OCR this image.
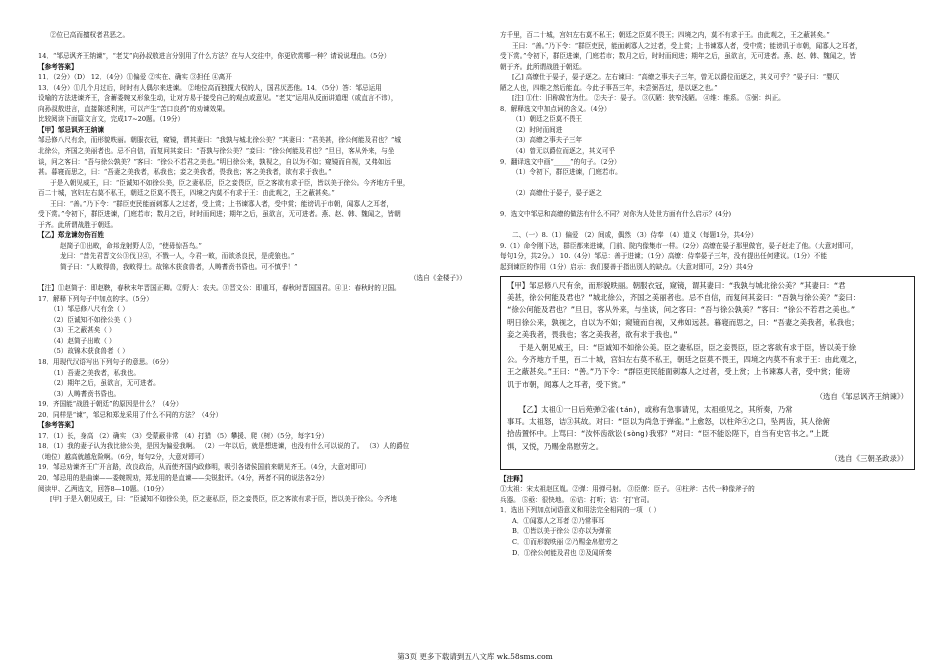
②位已高而擅权者君恶之。

14．“邹忌讽齐王纳谏”，“老艾”向孙叔敖进言分别用了什么方法？在与人交往中，你更欣赏哪一种？请说说理由。（5分）
【参考答案】
11．（2分）（D） 12．（4分）①偏爱 ②实在、确实 ③担任 ④离开
13．（4分）①几个月过后，时时有人偶尔来进谏。 ②地位高而独揽大权的人，国君厌恶他。14．（5分）答：邹忌运用
设喻的方法进谏齐王，含蓄委婉又形象生动，让对方易于接受自己的观点或意见。“老艾”运用从反面讲道理（或直言不讳），
向孙叔敖进言，直接陈述利害，可以产生“苦口良药”的劝谏效果。
比较阅读下面篇文言文，完成17~20题。（19分）
【甲】邹忌讽齐王纳谏
邹忌修八尺有余，而形貌昳丽。朝服衣冠，窥镜，谓其妻曰：“我孰与城北徐公美？”其妻曰：“君美甚，徐公何能及君也？”城
北徐公，齐国之美丽者也。忌不自信，而复问其妾曰：“吾孰与徐公美？”妾曰：“徐公何能及君也？”旦日，客从外来，与坐
谈，问之客曰：“吾与徐公孰美？”客曰：“徐公不若君之美也。”明日徐公来，孰视之，自以为不如；窥镜而自视，又弗如远
甚。暮寝而思之，曰：“吾妻之美我者，私我也；妾之美我者，畏我也；客之美我者，欲有求于我也。”
于是入朝见威王，曰：“臣诚知不如徐公美，臣之妻私臣，臣之妾畏臣，臣之客欲有求于臣，皆以美于徐公。今齐地方千里，
百二十城，宫妇左右莫不私王，朝廷之臣莫不畏王，四境之内莫不有求于王：由此观之，王之蔽甚矣。”
王曰：“善。”乃下令：“群臣吏民能面刺寡人之过者，受上赏；上书谏寡人者，受中赏；能谤讥于市朝，闻寡人之耳者，
受下赏。”令初下，群臣进谏，门庭若市；数月之后，时时而间进；期年之后，虽欲言，无可进者。燕、赵、韩、魏闻之，皆朝
于齐。此所谓战胜于朝廷。
【乙】郑龙谏勿伤百姓
赵简子①出畋，命邦龙射野人②，“使毋惊吾鸟。”
龙曰：“昔先君晋文公③伐卫④，不戮一人，今君一畋，而欲杀良民，是虎狼也。”
简子曰：“人畋得兽，我畋得士。故锦木获食兽者，人畴耆贲书昏也。可不慎乎！”
（选自《金楼子》）
【注】①赵简子：即赵鞅，春秋末年晋国正卿。②野人：农夫。③晋文公：即重耳，春秋时晋国国君。④卫：春秋时的卫国。
17．解释下列句子中加点的字。（5分）
（1）邹忌修八尺有余（ ）
（2）臣诚知不如徐公美（ ）
（3）王之蔽甚矣（ ）
（4）赵简子出畋（ ）
（5）故锦木获食兽者（ ）
18．用现代汉语写出下列句子的意思。（6分）
（1）吾妻之美我者，私我也。
（2）期年之后，虽欲言，无可进者。
（3）人畴耆贲书昏也。
19．齐国能“战胜于朝廷”的原因是什么？（4分）
20．同样是“谏”，邹忌和郑龙采用了什么不同的方法？（4分）
【参考答案】
17．（1）长，身高 （2）确实 （3）受蒙蔽非常 （4）打猎 （5）攀援、爬（树）（5分，每字1分）
18．（1）我的妻子认为我比徐公美，是因为偏爱我啊。 （2）一年以后，就是想进谏，也没有什么可以说的了。 （3）人的爵位
（地位）越高就越危险啊。（6分，每句2分，大意对即可）
19．邹忌劝谏齐王广开言路，改良政治，从而使齐国内政修明，吸引各诸侯国前来朝见齐王。（4分，大意对即可）
20．邹忌用的是曲谏——委婉规劝，郑龙用的是直谏——尖锐批评。（4分，两者不同的说法各2分）
阅读甲、乙两选文，回答8—10题。（10分）
[甲] 于是入朝见威王，曰：“臣诚知不如徐公美，臣之妻私臣，臣之妾畏臣，臣之客欲有求于臣，皆以美于徐公。今齐地
方千里，百二十城，宫妇左右莫不私王；朝廷之臣莫不畏王；四境之内，莫不有求于王。由此观之，王之蔽甚矣。”
王曰：“善。”乃下令：“群臣吏民，能面刺寡人之过者，受上赏；上书谏寡人者，受中赏；能谤讥于市朝，闻寡人之耳者，
受下赏。”令初下，群臣进谏，门庭若市；数月之后，时时而间进；期年之后，虽欲言，无可进者。燕、赵、韩、魏闻之，皆
朝于齐。此所谓战胜于朝廷。
[乙] 高缭仕于晏子，晏子逐之。左右谏曰：“高缭之事夫子三年，曾无以爵位而逐之，其义可乎？”晏子曰：“婴仄
陋之人也，四维之然后能直。今此子事吾三年，未尝弼吾过，是以逐之也。”
[注] ①仕：旧称做官为仕。 ②夫子：晏子。 ③仄陋：狭窄浅陋。 ④维：维系。 ⑤弼：纠正。
8．解释选文中加点词的含义。（4分）
（1）朝廷之臣莫不畏王
（2）时时而间进
（3）高缭之事夫子三年
（4）曾无以爵位而逐之，其义可乎
9．翻译选文中画“_____”的句子。（2分）
（1）令初下，群臣进谏，门庭若市。

（2）高缭仕于晏子，晏子逐之

9．选文中邹忌和高缭的做法有什么不同？对你为人处世方面有什么启示？(4分)

二、（一）8.（1）偏爱 （2）间或，偶然 （3）侍奉 （4）道义（每题1分，共4分）
9.（1）命令刚下达，群臣都来进谏，门前、院内像集市一样。（2分）高缭在晏子那里做官，晏子赶走了他。（大意对即可，
每句1分，共2分。） 10.（4分）邹忌：善于进谏；（1分）高缭：侍奉晏子三年，没有提出任何建议。（1分）不能
起到谏臣的作用（1分）启示：我们要善于指出别人的缺点。（大意对即可，2分）共4分
【甲】邹忌修八尺有余，而形貌昳丽。朝服衣冠，窥镜，谓其妻曰：“我孰与城北徐公美？”其妻曰：“君
美甚，徐公何能及君也？”城北徐公，齐国之美丽者也。忌不自信，而复问其妾曰：“吾孰与徐公美？”妾曰：
“徐公何能及君也？”旦日，客从外来，与坐谈，问之客曰：“吾与徐公孰美？”客曰：“徐公不若君之美也。”
明日徐公来，孰视之，自以为不如；窥镜而自视，又弗如远甚。暮寝而思之，曰：“吾妻之美我者，私我也；
妾之美我者，畏我也；客之美我者，欲有求于我也。”
于是入朝见威王，曰：“臣诚知不如徐公美。臣之妻私臣，臣之妾畏臣，臣之客欲有求于臣，皆以美于徐
公。今齐地方千里，百二十城，宫妇左右莫不私王，朝廷之臣莫不畏王，四境之内莫不有求于王：由此观之，
王之蔽甚矣。”王曰：“善。”乃下令：“群臣吏民能面刺寡人之过者，受上赏；上书谏寡人者，受中赏；能谤
讥于市朝，闻寡人之耳者，受下赏。”
（选自《邹忌讽齐王纳谏》）
【乙】太祖①一日后苑弹②雀(tán)，或称有急事请见，太祖亟见之，其所奏，乃常
事耳。太祖怒，诘③其故。对曰：“臣以为尚急于弹雀。”上愈怒，以柱斧④之口，坠两齿，其人徐俯
拾齿置怀中。上骂曰：“汝怀齿欲讼(sòng)我邪？”对曰：“臣不能讼陛下，自当有史官书之。”上既
惧，又悦，乃赐金帛慰劳之。
（选自《三朝圣政录》）
【注释】
①太祖：宋太祖赵匡胤。②弹：用弹弓射。 ③臣僚：臣子。 ④柱斧：古代一种像斧子的
兵器。 ⑤亟：很快地。 ⑥诘：打听；诘：‘打’官司。
1．选出下列加点词语意义和用法完全相同的一项 （ ）
A．①闻寡人之耳者 ②乃常事耳
B．①皆以美于徐公 ②亦以为弹雀
C．①而形貌昳丽 ②乃赐金帛慰劳之
D．①徐公何能及君也 ②及闻所奏
第3页 更多下载请到五八文库 wk.58sms.com
